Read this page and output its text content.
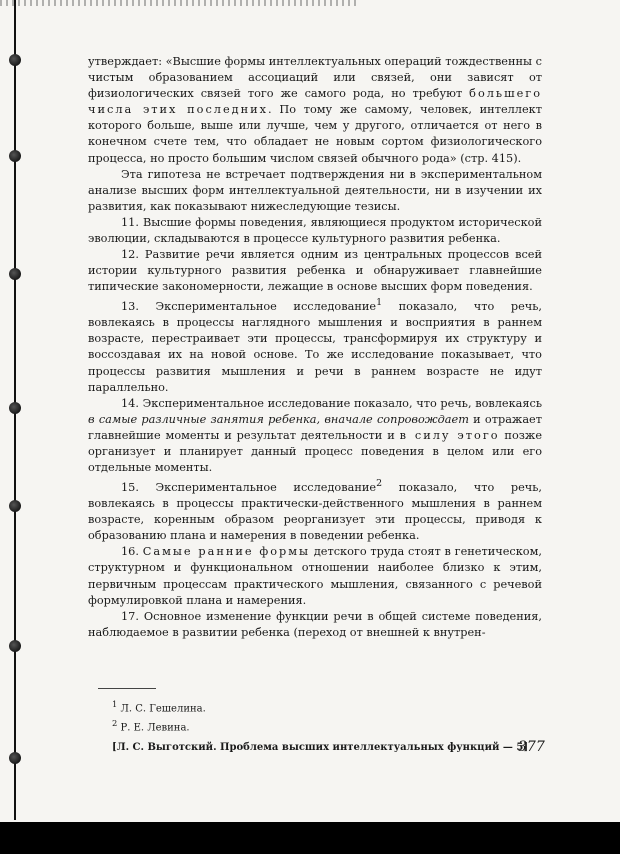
утверждает: «Высшие формы интеллектуальных операций тождественны с чистым образованием ассоциаций или связей, они зависят от физиологических связей того же самого рода, но требуют большего числа этих последних. По тому же самому, человек, интеллект которого больше, выше или лучше, чем у другого, отличается от него в конечном счете тем, что обладает не новым сортом физиологического процесса, но просто большим числом связей обычного рода» (стр. 415).

Эта гипотеза не встречает подтверждения ни в экспериментальном анализе высших форм интеллектуальной деятельности, ни в изучении их развития, как показывают нижеследующие тезисы.

11. Высшие формы поведения, являющиеся продуктом исторической эволюции, складываются в процессе культурного развития ребенка.

12. Развитие речи является одним из центральных процессов всей истории культурного развития ребенка и обнаруживает главнейшие типические закономерности, лежащие в основе высших форм поведения.

13. Экспериментальное исследование$^1$ показало, что речь, вовлекаясь в процессы наглядного мышления и восприятия в раннем возрасте, перестраивает эти процессы, трансформируя их структуру и воссоздавая их на новой основе. То же исследование показывает, что процессы развития мышления и речи в раннем возрасте не идут параллельно.

14. Экспериментальное исследование показало, что речь, вовлекаясь в самые различные занятия ребенка, вначале сопровождает и отражает главнейшие моменты и результат деятельности и в силу этого позже организует и планирует данный процесс поведения в целом или его отдельные моменты.

15. Экспериментальное исследование$^2$ показало, что речь, вовлекаясь в процессы практически-действенного мышления в раннем возрасте, коренным образом реорганизует эти процессы, приводя к образованию плана и намерения в поведении ребенка.

16. Самые ранние формы детского труда стоят в генетическом, структурном и функциональном отношении наиболее близко к этим, первичным процессам практического мышления, связанного с речевой формулировкой плана и намерения.

17. Основное изменение функции речи в общей системе поведения, наблюдаемое в развитии ребенка (переход от внешней к внутрен-

$^1$ Л. С. Гешелина.
$^2$ Р. Е. Левина.
[Л. С. Выготский. Проблема высших интеллектуальных функций — 5]
377
